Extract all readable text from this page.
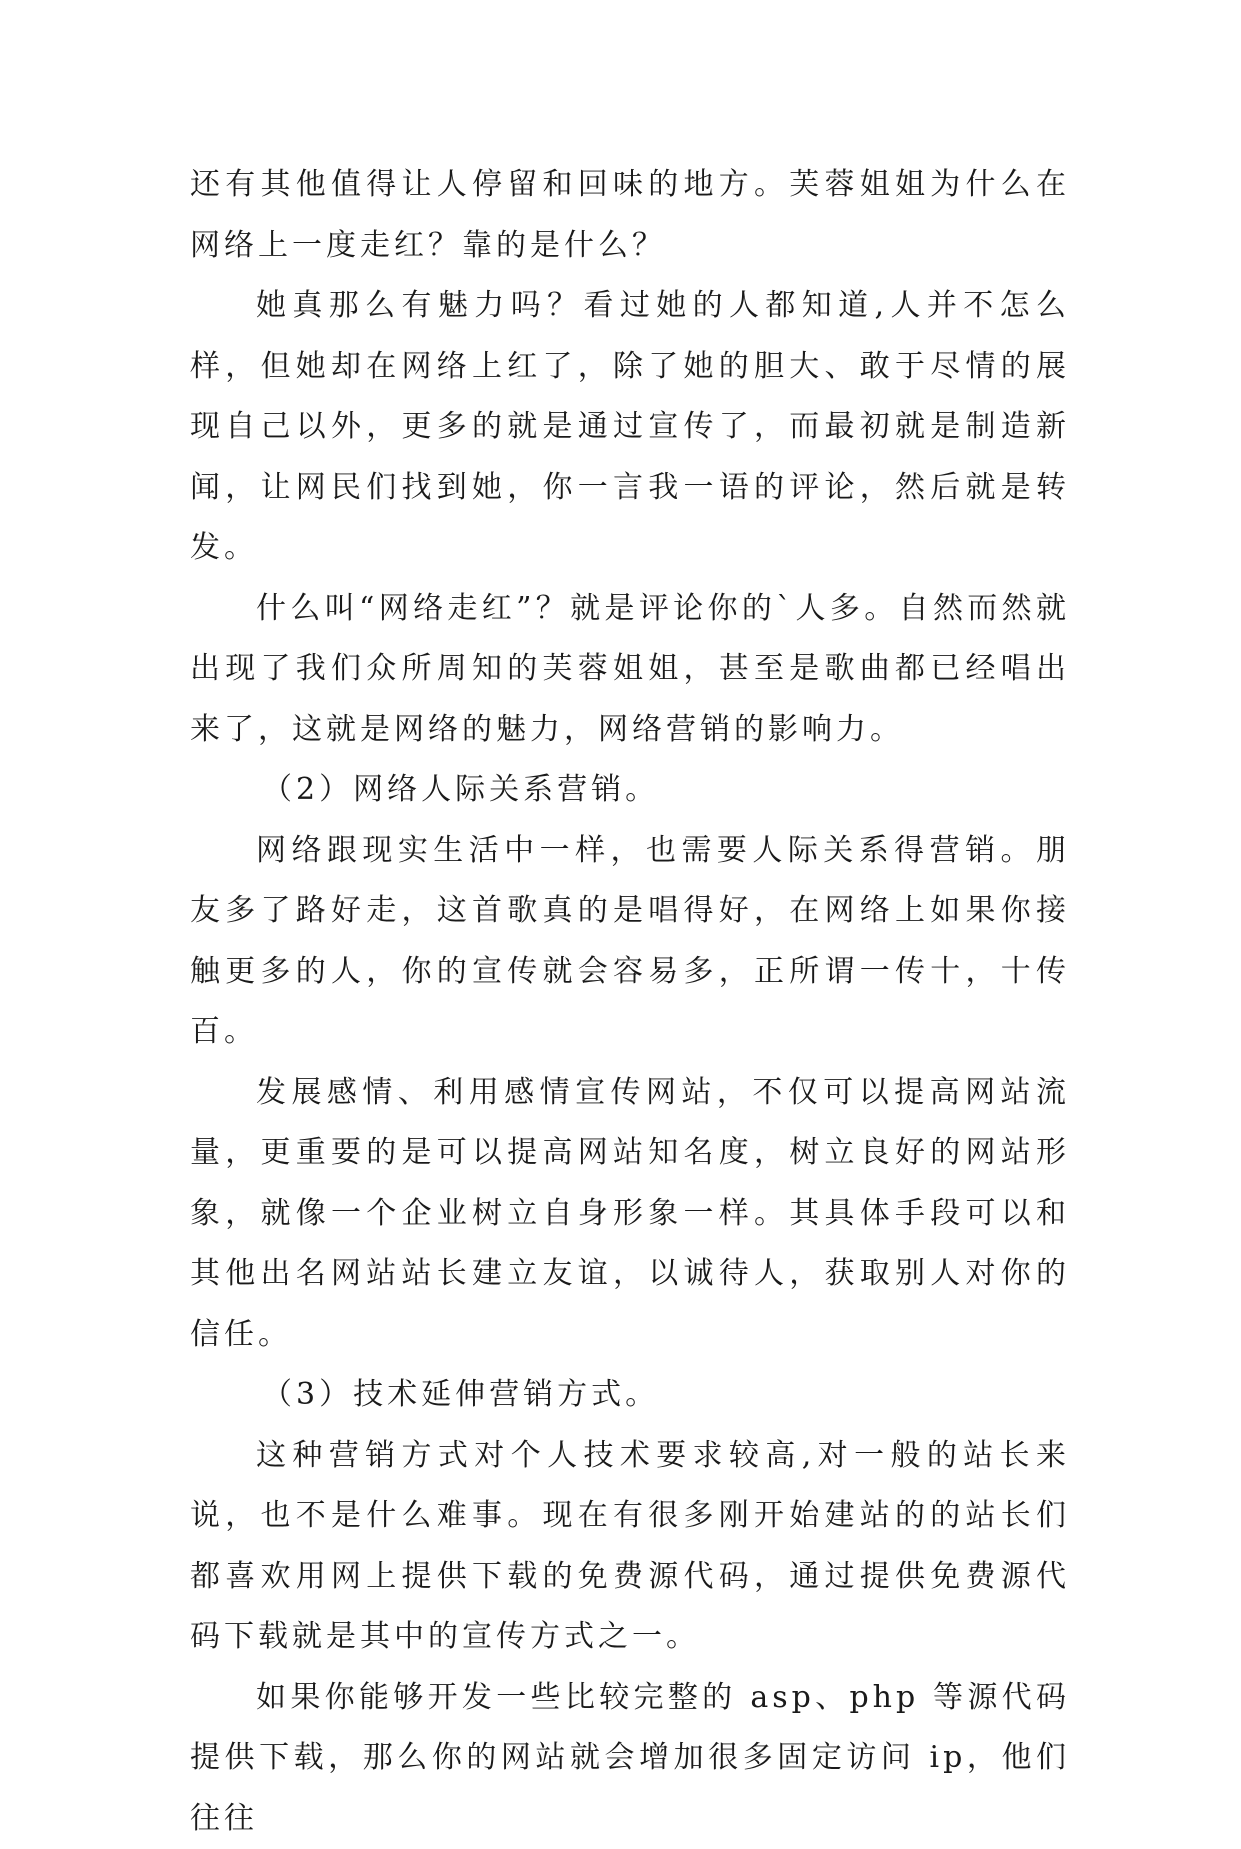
还有其他值得让人停留和回味的地方。芙蓉姐姐为什么在网络上一度走红？靠的是什么？

她真那么有魅力吗？看过她的人都知道,人并不怎么样，但她却在网络上红了，除了她的胆大、敢于尽情的展现自己以外，更多的就是通过宣传了，而最初就是制造新闻，让网民们找到她，你一言我一语的评论，然后就是转发。

什么叫“网络走红”？就是评论你的`人多。自然而然就出现了我们众所周知的芙蓉姐姐，甚至是歌曲都已经唱出来了，这就是网络的魅力，网络营销的影响力。

（2）网络人际关系营销。

网络跟现实生活中一样，也需要人际关系得营销。朋友多了路好走，这首歌真的是唱得好，在网络上如果你接触更多的人，你的宣传就会容易多，正所谓一传十，十传百。

发展感情、利用感情宣传网站，不仅可以提高网站流量，更重要的是可以提高网站知名度，树立良好的网站形象，就像一个企业树立自身形象一样。其具体手段可以和其他出名网站站长建立友谊，以诚待人，获取别人对你的信任。

（3）技术延伸营销方式。

这种营销方式对个人技术要求较高,对一般的站长来说，也不是什么难事。现在有很多刚开始建站的的站长们都喜欢用网上提供下载的免费源代码，通过提供免费源代码下载就是其中的宣传方式之一。

如果你能够开发一些比较完整的 asp、php 等源代码提供下载，那么你的网站就会增加很多固定访问 ip，他们往往
